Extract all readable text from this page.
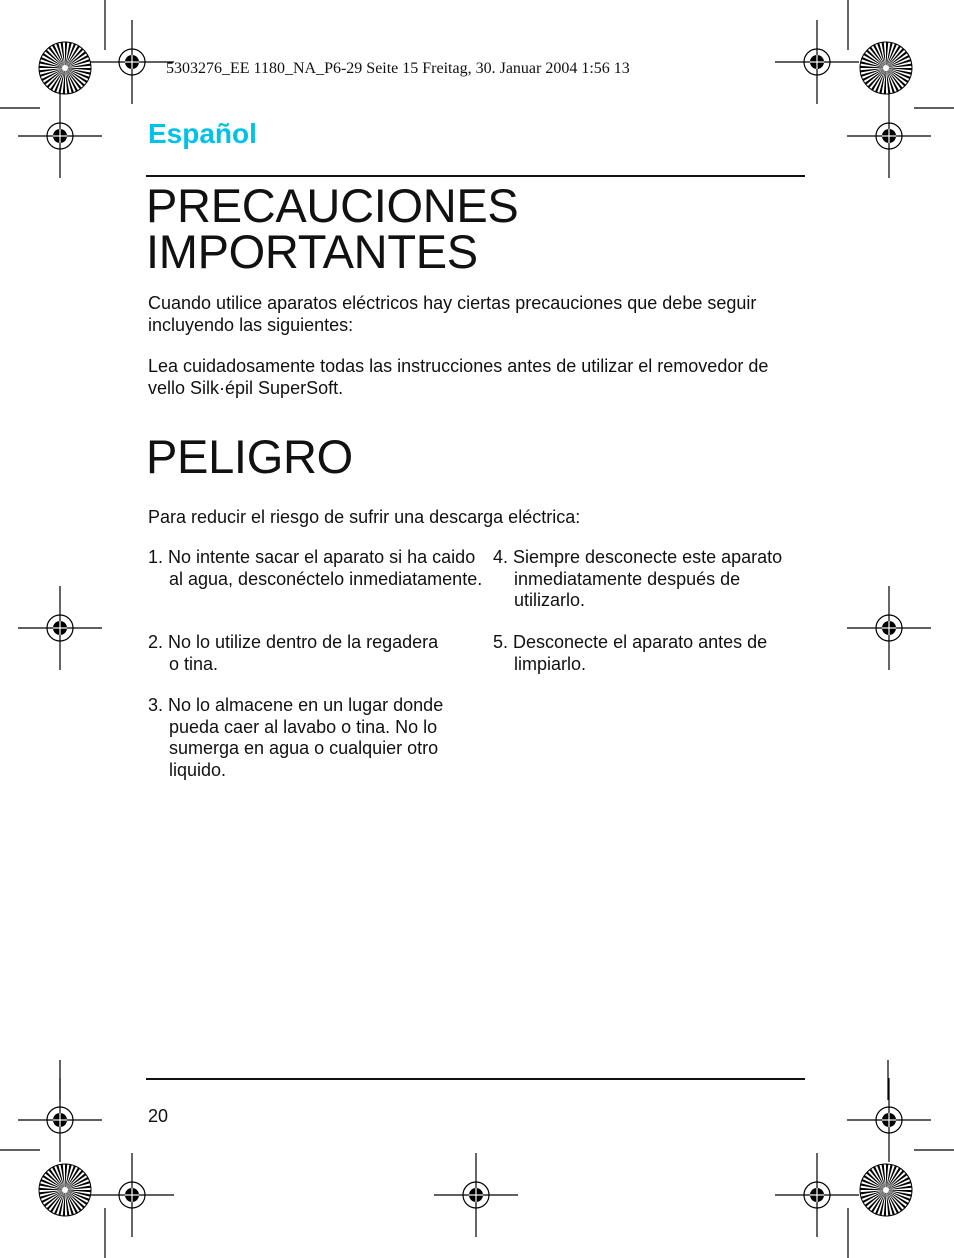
5303276_EE 1180_NA_P6-29 Seite 15 Freitag, 30. Januar 2004 1:56 13
Español
PRECAUCIONES
IMPORTANTES

Cuando utilice aparatos eléctricos hay ciertas precauciones que debe seguir incluyendo las siguientes:

Lea cuidadosamente todas las instrucciones antes de utilizar el removedor de vello Silk·épil SuperSoft.

PELIGRO

Para reducir el riesgo de sufrir una descarga eléctrica:

1. No intente sacar el aparato si ha caido al agua, desconéctelo inmediatamente.

2. No lo utilize dentro de la regadera o tina.

3. No lo almacene en un lugar donde pueda caer al lavabo o tina. No lo sumerga en agua o cualquier otro liquido.

4. Siempre desconecte este aparato inmediatamente después de utilizarlo.

5. Desconecte el aparato antes de limpiarlo.

20
